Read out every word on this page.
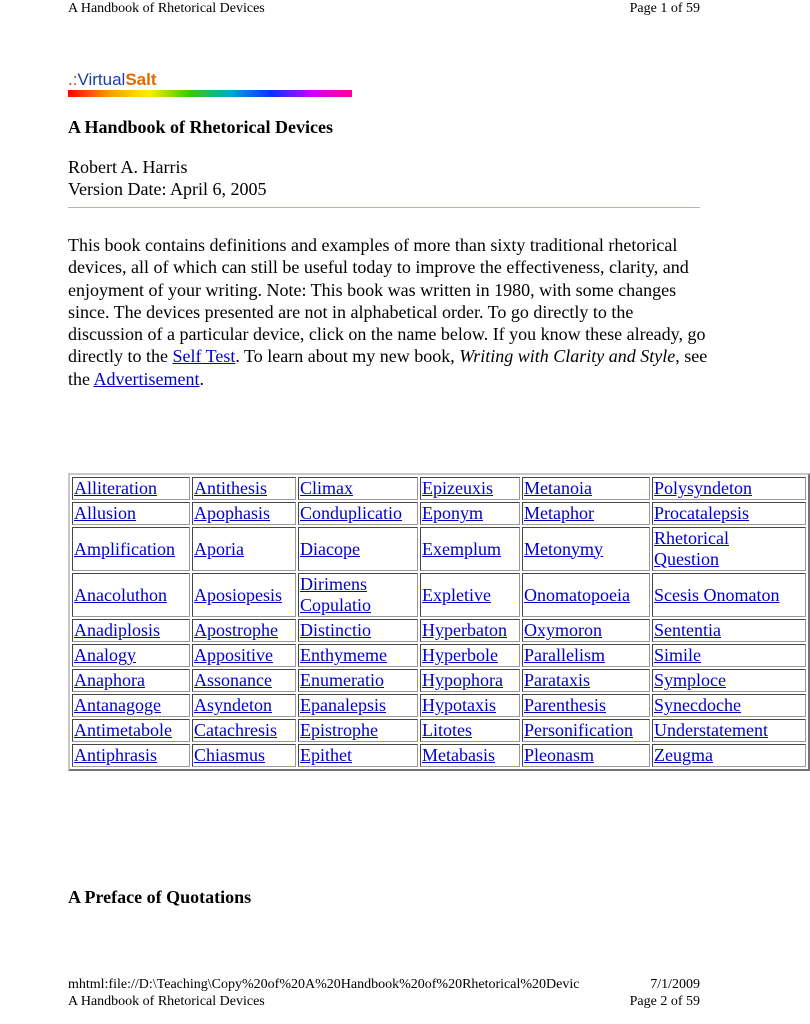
A Handbook of Rhetorical Devices	Page 1 of 59
.:VirtualSalt
A Handbook of Rhetorical Devices
Robert A. Harris
Version Date: April 6, 2005
This book contains definitions and examples of more than sixty traditional rhetorical devices, all of which can still be useful today to improve the effectiveness, clarity, and enjoyment of your writing. Note: This book was written in 1980, with some changes since. The devices presented are not in alphabetical order. To go directly to the discussion of a particular device, click on the name below. If you know these already, go directly to the Self Test. To learn about my new book, Writing with Clarity and Style, see the Advertisement.
Alliteration	Antithesis	Climax	Epizeuxis	Metanoia	Polysyndeton
Allusion	Apophasis	Conduplicatio	Eponym	Metaphor	Procatalepsis
Amplification	Aporia	Diacope	Exemplum	Metonymy	Rhetorical Question
Anacoluthon	Aposiopesis	Dirimens Copulatio	Expletive	Onomatopoeia	Scesis Onomaton
Anadiplosis	Apostrophe	Distinctio	Hyperbaton	Oxymoron	Sententia
Analogy	Appositive	Enthymeme	Hyperbole	Parallelism	Simile
Anaphora	Assonance	Enumeratio	Hypophora	Parataxis	Symploce
Antanagoge	Asyndeton	Epanalepsis	Hypotaxis	Parenthesis	Synecdoche
Antimetabole	Catachresis	Epistrophe	Litotes	Personification	Understatement
Antiphrasis	Chiasmus	Epithet	Metabasis	Pleonasm	Zeugma
A Preface of Quotations
mhtml:file://D:\Teaching\Copy%20of%20A%20Handbook%20of%20Rhetorical%20Devic	7/1/2009
A Handbook of Rhetorical Devices	Page 2 of 59
